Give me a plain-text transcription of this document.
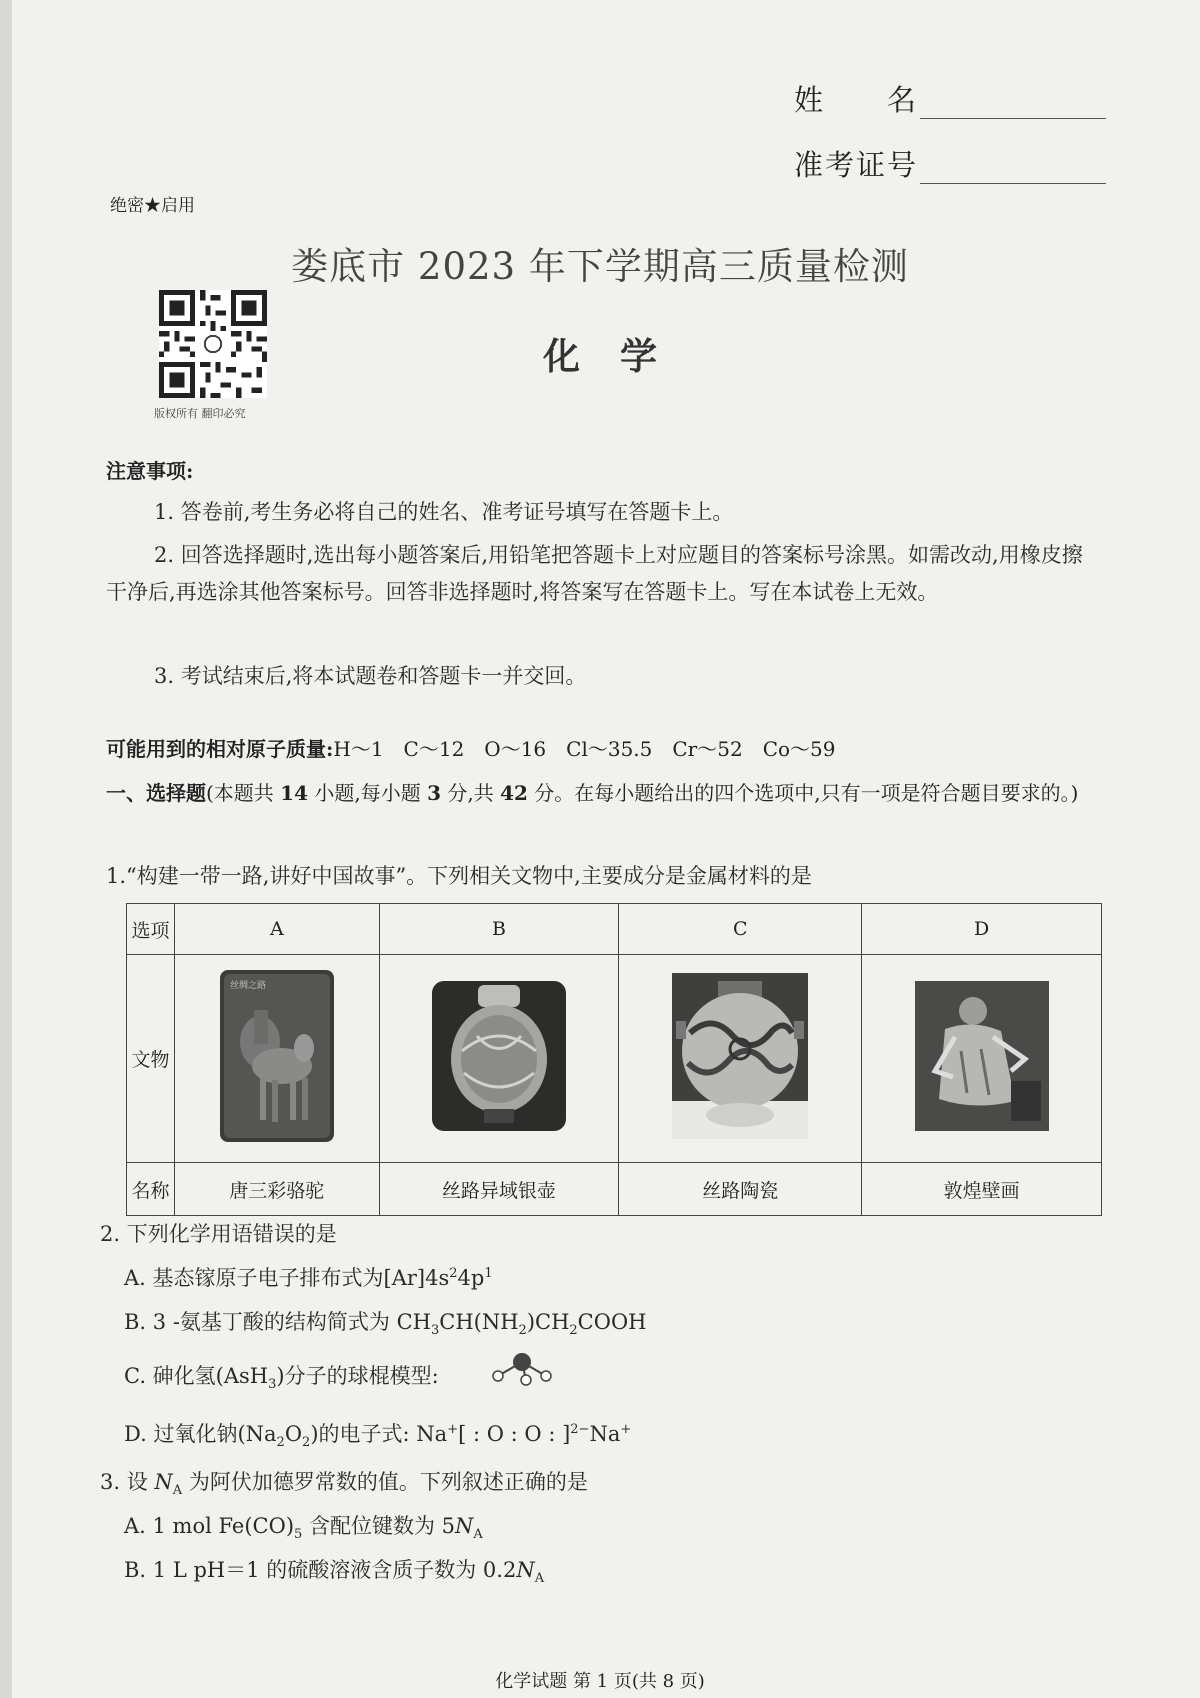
姓　　名
准考证号
绝密★启用
娄底市 2023 年下学期高三质量检测
版权所有 翻印必究
化学
注意事项:
1. 答卷前,考生务必将自己的姓名、准考证号填写在答题卡上。
2. 回答选择题时,选出每小题答案后,用铅笔把答题卡上对应题目的答案标号涂黑。如需改动,用橡皮擦干净后,再选涂其他答案标号。回答非选择题时,将答案写在答题卡上。写在本试卷上无效。
3. 考试结束后,将本试题卷和答题卡一并交回。
可能用到的相对原子质量:H～1　C～12　O～16　Cl～35.5　Cr～52　Co～59
一、选择题(本题共 14 小题,每小题 3 分,共 42 分。在每小题给出的四个选项中,只有一项是符合题目要求的。)
1.“构建一带一路,讲好中国故事”。下列相关文物中,主要成分是金属材料的是
选项	A	B	C	D
文物	丝绸之路

名称	唐三彩骆驼	丝路异域银壶	丝路陶瓷	敦煌壁画
2. 下列化学用语错误的是
A. 基态镓原子电子排布式为$[Ar]4s^24p^1$
B. 3 -氨基丁酸的结构简式为 $CH_3CH(NH_2)CH_2COOH$
C. 砷化氢(AsH$_3$)分子的球棍模型:
D. 过氧化钠$(Na_2O_2)$的电子式: Na+[ : O : O : ]$^{2-}$Na+
3. 设 $N_A$ 为阿伏加德罗常数的值。下列叙述正确的是
A. 1 mol $Fe(CO)_5$ 含配位键数为 $5N_A$
B. 1 L pH＝1 的硫酸溶液含质子数为 $0.2N_A$
化学试题 第 1 页(共 8 页)
